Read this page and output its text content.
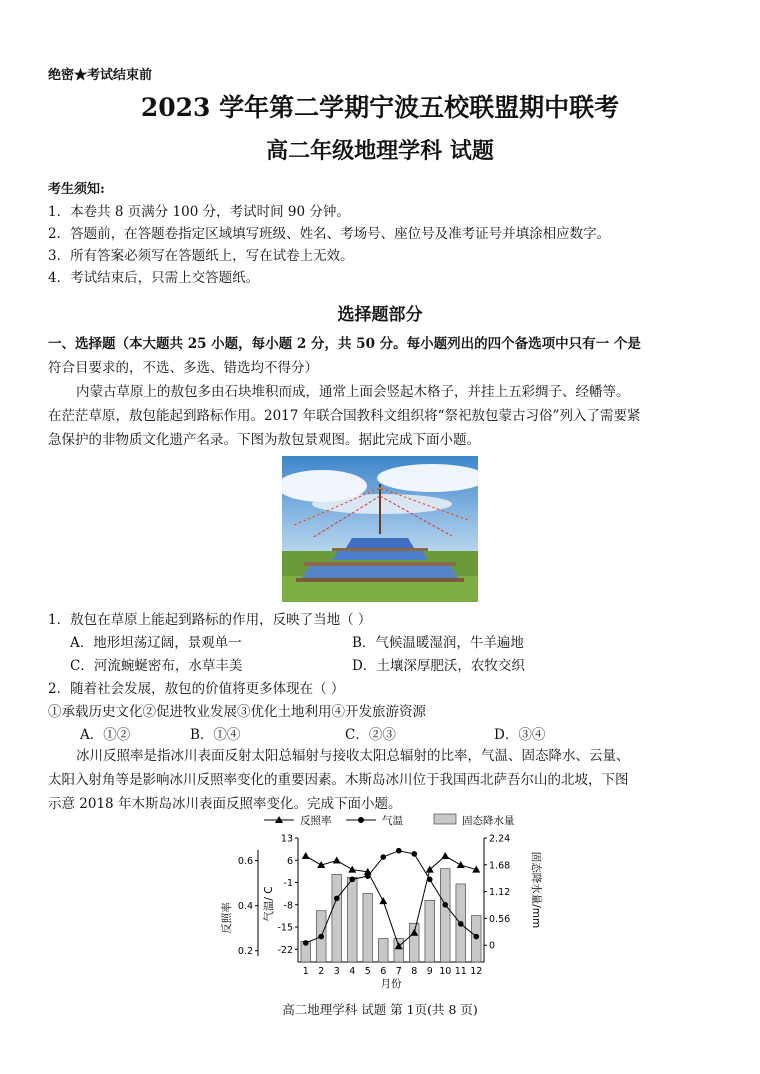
绝密★考试结束前
2023 学年第二学期宁波五校联盟期中联考
高二年级地理学科 试题
考生须知:
1．本卷共 8 页满分 100 分，考试时间 90 分钟。
2．答题前，在答题卷指定区域填写班级、姓名、考场号、座位号及准考证号并填涂相应数字。
3．所有答案必须写在答题纸上，写在试卷上无效。
4．考试结束后，只需上交答题纸。
选择题部分
一、选择题（本大题共 25 小题，每小题 2 分，共 50 分。每小题列出的四个备选项中只有一 个是
符合目要求的，不选、多选、错选均不得分）
内蒙古草原上的敖包多由石块堆积而成，通常上面会竖起木格子，并挂上五彩绸子、经幡等。
在茫茫草原，敖包能起到路标作用。2017 年联合国教科文组织将“祭祀敖包蒙古习俗”列入了需要紧
急保护的非物质文化遗产名录。下图为敖包景观图。据此完成下面小题。
1．敖包在草原上能起到路标的作用，反映了当地（ ）
A．地形坦荡辽阔，景观单一	B．气候温暖湿润，牛羊遍地
C．河流蜿蜒密布，水草丰美	D．土壤深厚肥沃，农牧交织
2．随着社会发展，敖包的价值将更多体现在（ ）
①承载历史文化②促进牧业发展③优化土地利用④开发旅游资源
A．①②	B．①④	C．②③	D．③④
冰川反照率是指冰川表面反射太阳总辐射与接收太阳总辐射的比率，气温、固态降水、云量、
太阳入射角等是影响冰川反照率变化的重要因素。木斯岛冰川位于我国西北萨吾尔山的北坡，下图
示意 2018 年木斯岛冰川表面反照率变化。完成下面小题。
反照率	气温	固态降水量
13
6
-1
-8
-15
-22
2.24
1.68
1.12
0.56
0
0.6
0.4
0.2
1 2 3 4 5 6 7 8 9 10 11 12
反照率	气温/ C	固态降水量/mm
月份
高二地理学科 试题 第 1页(共 8 页)
